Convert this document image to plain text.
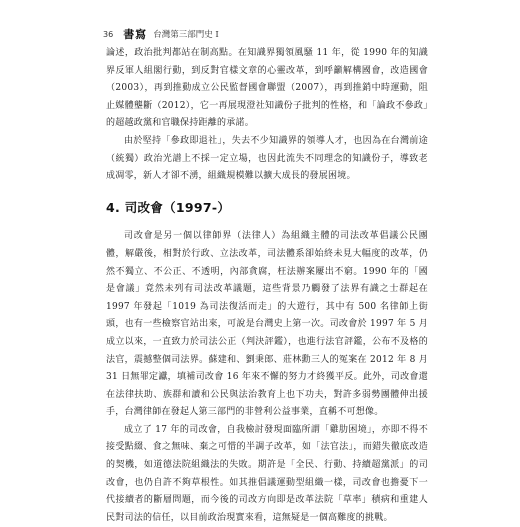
36 書寫 台灣第三部門史 I

論述，政治批判都站在制高點。在知識界獨領風騷 11 年，從 1990 年的知識界反軍人組閣行動，到反對官樣文章的心靈改革，到呼籲解構國會，改造國會（2003），再到推動成立公民監督國會聯盟（2007），再到推銷中時運動，阻止媒體壟斷（2012），它一再展現澄社知識份子批判的性格，和「論政不參政」的超越政黨和官職保持距離的承諾。

由於堅持「參政即退社」，失去不少知識界的領導人才，也因為在台灣前途（統獨）政治光譜上不採一定立場，也因此流失不同理念的知識份子，導致老成凋零，新人才卻不湧，組織規模難以擴大成長的發展困境。

4. 司改會（1997-）

司改會是另一個以律師界（法律人）為組織主體的司法改革倡議公民團體，解嚴後，相對於行政、立法改革，司法體系卻始終未見大幅度的改革，仍然不獨立、不公正、不透明，內部貪腐，枉法辦案屢出不窮。1990 年的「國是會議」竟然未列有司法改革議題，這些背景乃觸發了法界有識之士群起在 1997 年發起「1019 為司法復活而走」的大遊行，其中有 500 名律師上街頭，也有一些檢察官站出來，可說是台灣史上第一次。司改會於 1997 年 5 月成立以來，一直致力於司法公正（判決評鑑），也進行法官評鑑，公布不及格的法官，震撼整個司法界。蘇建和、劉秉郎、莊林勳三人的冤案在 2012 年 8 月 31 日無罪定讞，填補司改會 16 年來不懈的努力才終獲平反。此外，司改會還在法律扶助、族群和讀和公民與法治教育上也下功夫，對許多弱勢團體伸出援手，台灣律師在發起人第三部門的非營利公益事業，直稱不可想像。

成立了 17 年的司改會，自我檢討發現面臨所謂「雞肋困境」，亦即不得不接受點綴、食之無味、棄之可惜的半調子改革，如「法官法」，而錯失徹底改造的契機，如道德法院組織法的失敗。期許是「全民、行動、持續超黨派」的司改會，也仍自許不夠草根性。如其推倡議運動型組織一樣，司改會也擔憂下一代接續者的斷層問題，而今後的司改方向即是改革法院「草率」積病和重建人民對司法的信任，以目前政治現實來看，這無疑是一個高難度的挑戰。
